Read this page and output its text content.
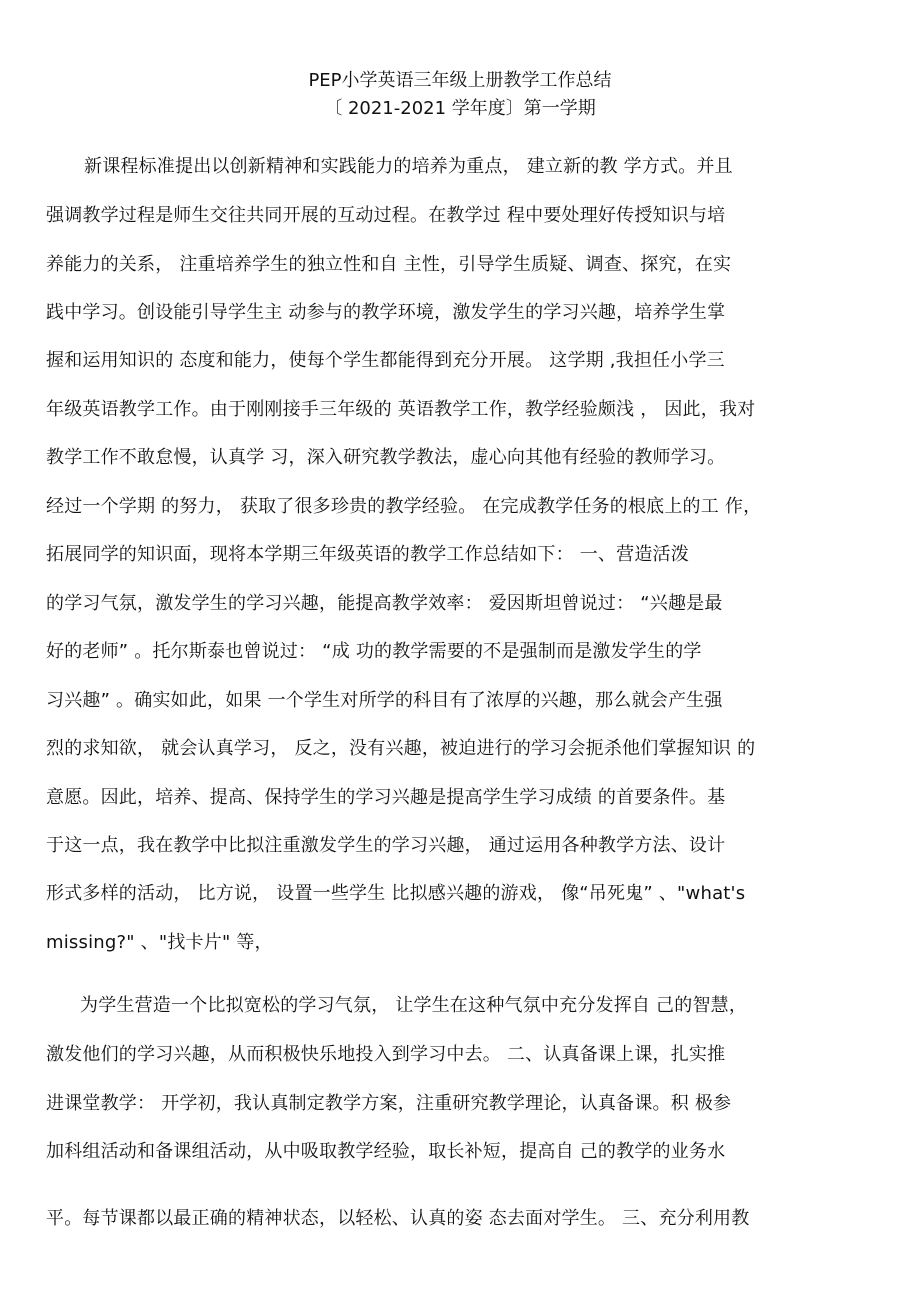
PEP小学英语三年级上册教学工作总结
〔 2021-2021 学年度〕第一学期
新课程标准提出以创新精神和实践能力的培养为重点， 建立新的教 学方式。并且
强调教学过程是师生交往共同开展的互动过程。在教学过 程中要处理好传授知识与培
养能力的关系， 注重培养学生的独立性和自 主性，引导学生质疑、调查、探究，在实
践中学习。创设能引导学生主 动参与的教学环境，激发学生的学习兴趣，培养学生掌
握和运用知识的 态度和能力，使每个学生都能得到充分开展。 这学期 ,我担任小学三
年级英语教学工作。由于刚刚接手三年级的 英语教学工作，教学经验颇浅 ， 因此，我对
教学工作不敢怠慢，认真学 习，深入研究教学教法，虚心向其他有经验的教师学习。
经过一个学期 的努力， 获取了很多珍贵的教学经验。 在完成教学任务的根底上的工 作，
拓展同学的知识面，现将本学期三年级英语的教学工作总结如下： 一、营造活泼
的学习气氛，激发学生的学习兴趣，能提高教学效率： 爱因斯坦曾说过： “兴趣是最
好的老师” 。托尔斯泰也曾说过： “成 功的教学需要的不是强制而是激发学生的学
习兴趣” 。确实如此，如果 一个学生对所学的科目有了浓厚的兴趣，那么就会产生强
烈的求知欲， 就会认真学习， 反之，没有兴趣，被迫进行的学习会扼杀他们掌握知识 的
意愿。因此，培养、提高、保持学生的学习兴趣是提高学生学习成绩 的首要条件。基
于这一点，我在教学中比拟注重激发学生的学习兴趣， 通过运用各种教学方法、设计
形式多样的活动， 比方说， 设置一些学生 比拟感兴趣的游戏， 像“吊死鬼” 、"what's
missing?" 、"找卡片" 等，
为学生营造一个比拟宽松的学习气氛， 让学生在这种气氛中充分发挥自 己的智慧，
激发他们的学习兴趣，从而积极快乐地投入到学习中去。 二、认真备课上课，扎实推
进课堂教学： 开学初，我认真制定教学方案，注重研究教学理论，认真备课。积 极参
加科组活动和备课组活动，从中吸取教学经验，取长补短，提高自 己的教学的业务水
平。每节课都以最正确的精神状态，以轻松、认真的姿 态去面对学生。 三、充分利用教
